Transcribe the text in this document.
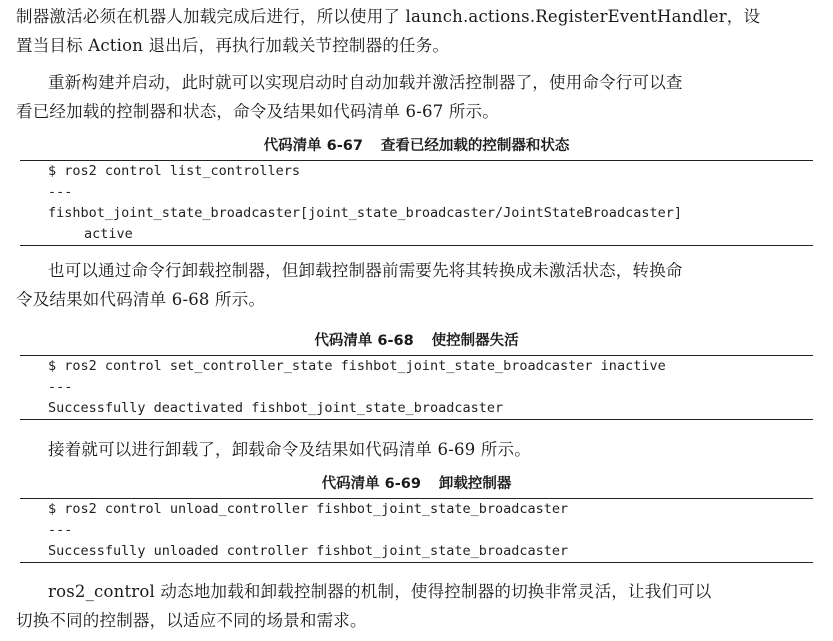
制器激活必须在机器人加载完成后进行，所以使用了 launch.actions.RegisterEventHandler，设
置当目标 Action 退出后，再执行加载关节控制器的任务。

重新构建并启动，此时就可以实现启动时自动加载并激活控制器了，使用命令行可以查
看已经加载的控制器和状态，命令及结果如代码清单 6-67 所示。

代码清单 6-67 查看已经加载的控制器和状态
$ ros2 control list_controllers
---
fishbot_joint_state_broadcaster[joint_state_broadcaster/JointStateBroadcaster]
active

也可以通过命令行卸载控制器，但卸载控制器前需要先将其转换成未激活状态，转换命
令及结果如代码清单 6-68 所示。

代码清单 6-68 使控制器失活
$ ros2 control set_controller_state fishbot_joint_state_broadcaster inactive
---
Successfully deactivated fishbot_joint_state_broadcaster

接着就可以进行卸载了，卸载命令及结果如代码清单 6-69 所示。

代码清单 6-69 卸载控制器
$ ros2 control unload_controller fishbot_joint_state_broadcaster
---
Successfully unloaded controller fishbot_joint_state_broadcaster

ros2_control 动态地加载和卸载控制器的机制，使得控制器的切换非常灵活，让我们可以
切换不同的控制器，以适应不同的场景和需求。
